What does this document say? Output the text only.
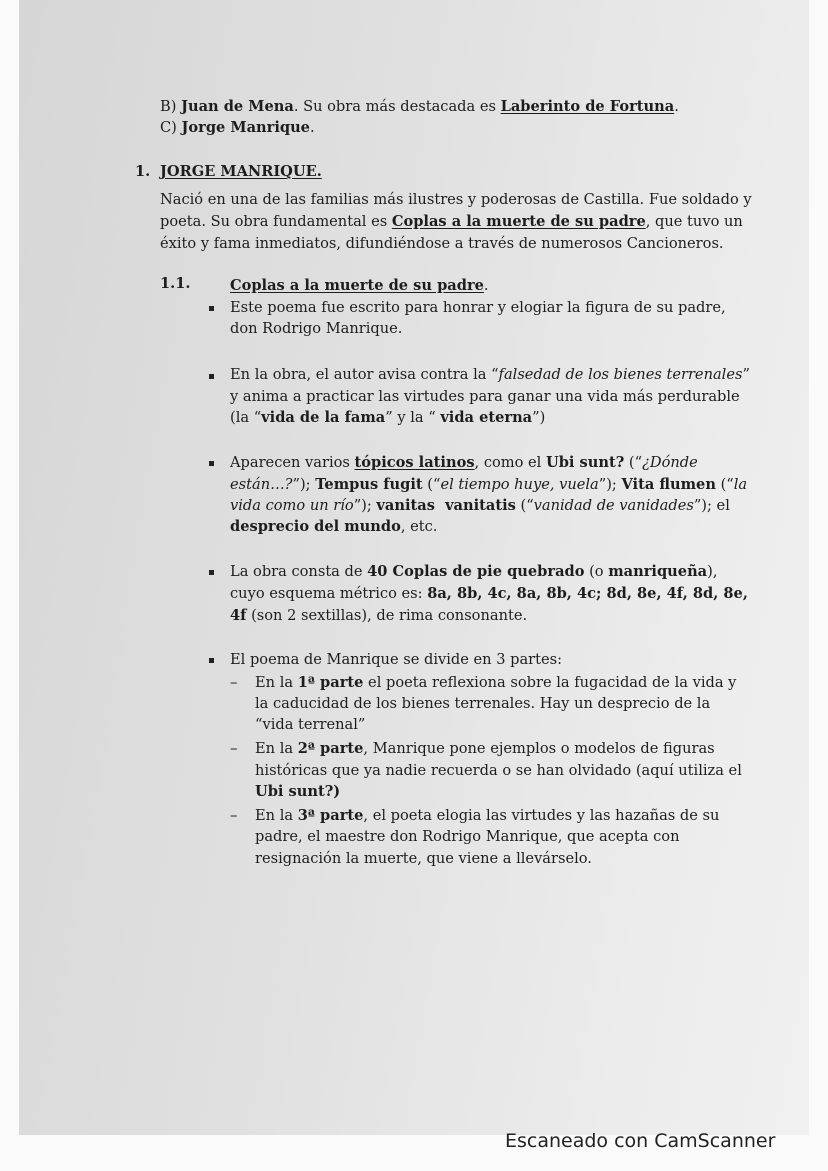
B) Juan de Mena. Su obra más destacada es Laberinto de Fortuna.
C) Jorge Manrique.
1. JORGE MANRIQUE.
Nació en una de las familias más ilustres y poderosas de Castilla. Fue soldado y
poeta. Su obra fundamental es Coplas a la muerte de su padre, que tuvo un
éxito y fama inmediatos, difundiéndose a través de numerosos Cancioneros.
1.1.	Coplas a la muerte de su padre.
Este poema fue escrito para honrar y elogiar la figura de su padre,
don Rodrigo Manrique.
En la obra, el autor avisa contra la “falsedad de los bienes terrenales”
y anima a practicar las virtudes para ganar una vida más perdurable
(la “vida de la fama” y la “ vida eterna”)
Aparecen varios tópicos latinos, como el Ubi sunt? (“¿Dónde
están…?”); Tempus fugit (“el tiempo huye, vuela”); Vita flumen (“la
vida como un río”); vanitas  vanitatis (“vanidad de vanidades”); el
desprecio del mundo, etc.
La obra consta de 40 Coplas de pie quebrado (o manriqueña),
cuyo esquema métrico es: 8a, 8b, 4c, 8a, 8b, 4c; 8d, 8e, 4f, 8d, 8e,
4f (son 2 sextillas), de rima consonante.
El poema de Manrique se divide en 3 partes:
– En la 1ª parte el poeta reflexiona sobre la fugacidad de la vida y
la caducidad de los bienes terrenales. Hay un desprecio de la
“vida terrenal”
– En la 2ª parte, Manrique pone ejemplos o modelos de figuras
históricas que ya nadie recuerda o se han olvidado (aquí utiliza el
Ubi sunt?)
– En la 3ª parte, el poeta elogia las virtudes y las hazañas de su
padre, el maestre don Rodrigo Manrique, que acepta con
resignación la muerte, que viene a llevárselo.
Escaneado con CamScanner
